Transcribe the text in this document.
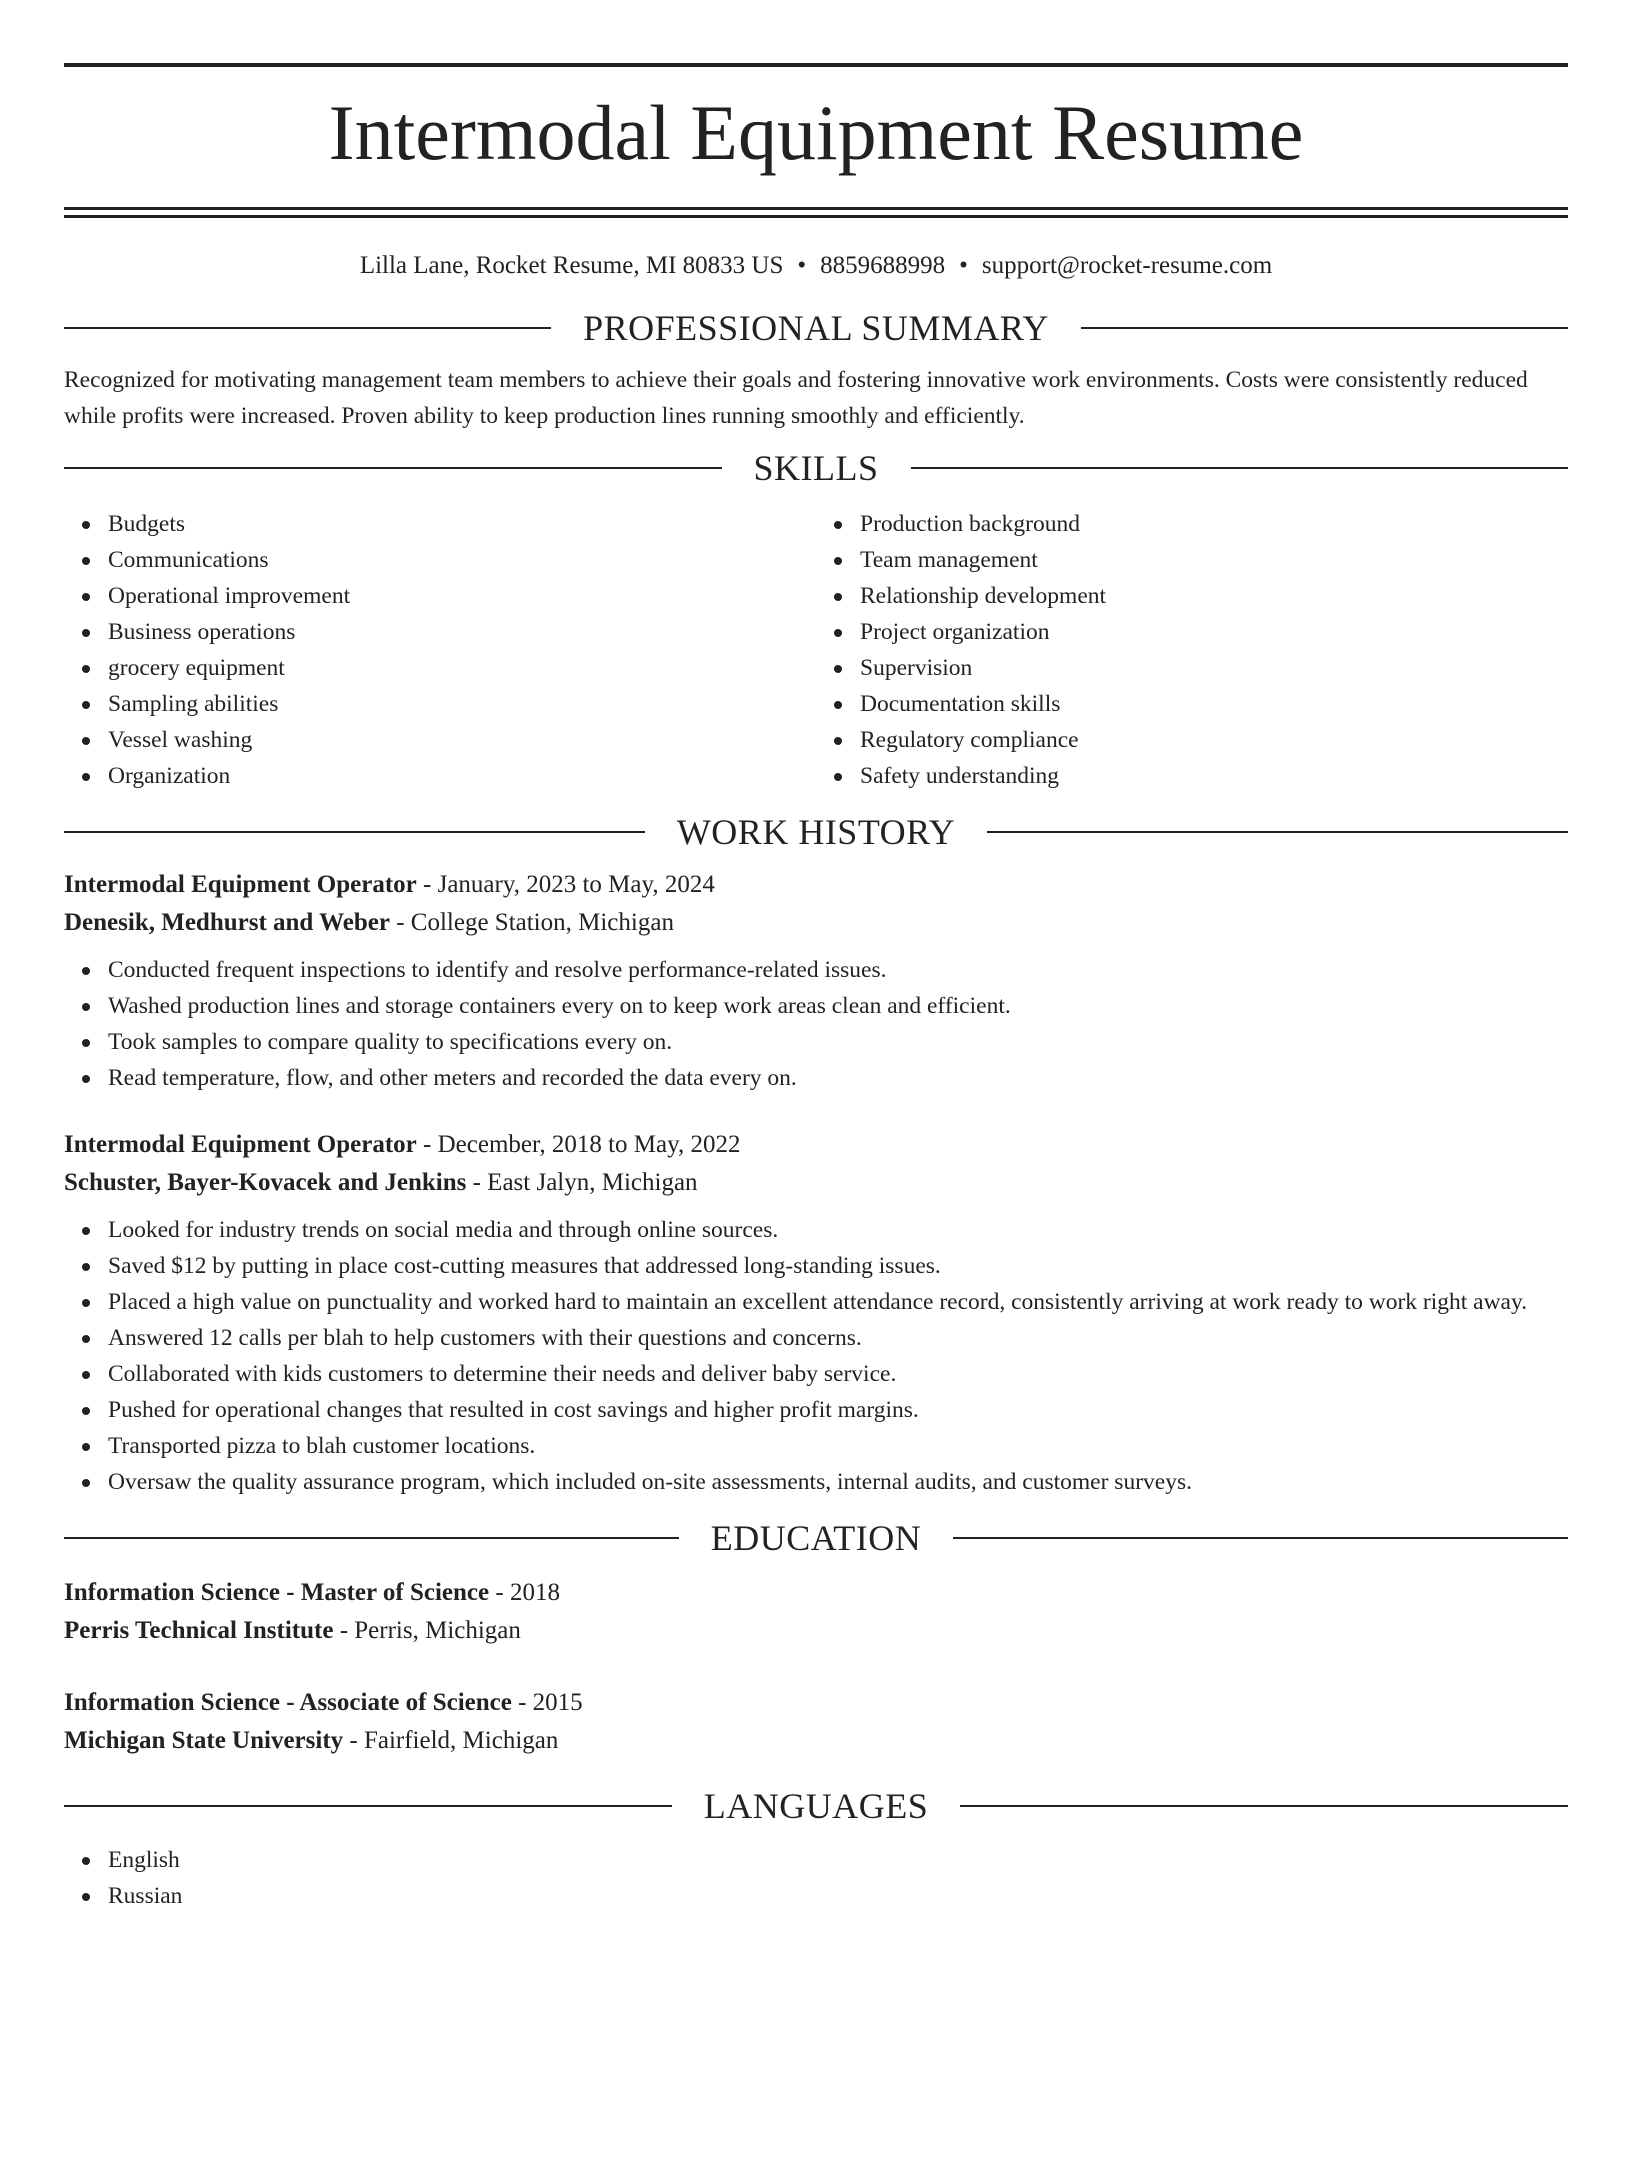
Intermodal Equipment Resume
Lilla Lane, Rocket Resume, MI 80833 US • 8859688998 • support@rocket-resume.com
PROFESSIONAL SUMMARY
Recognized for motivating management team members to achieve their goals and fostering innovative work environments. Costs were consistently reduced while profits were increased. Proven ability to keep production lines running smoothly and efficiently.
SKILLS
Budgets
Communications
Operational improvement
Business operations
grocery equipment
Sampling abilities
Vessel washing
Organization
Production background
Team management
Relationship development
Project organization
Supervision
Documentation skills
Regulatory compliance
Safety understanding
WORK HISTORY
Intermodal Equipment Operator - January, 2023 to May, 2024
Denesik, Medhurst and Weber - College Station, Michigan
Conducted frequent inspections to identify and resolve performance-related issues.
Washed production lines and storage containers every on to keep work areas clean and efficient.
Took samples to compare quality to specifications every on.
Read temperature, flow, and other meters and recorded the data every on.
Intermodal Equipment Operator - December, 2018 to May, 2022
Schuster, Bayer-Kovacek and Jenkins - East Jalyn, Michigan
Looked for industry trends on social media and through online sources.
Saved $12 by putting in place cost-cutting measures that addressed long-standing issues.
Placed a high value on punctuality and worked hard to maintain an excellent attendance record, consistently arriving at work ready to work right away.
Answered 12 calls per blah to help customers with their questions and concerns.
Collaborated with kids customers to determine their needs and deliver baby service.
Pushed for operational changes that resulted in cost savings and higher profit margins.
Transported pizza to blah customer locations.
Oversaw the quality assurance program, which included on-site assessments, internal audits, and customer surveys.
EDUCATION
Information Science - Master of Science - 2018
Perris Technical Institute - Perris, Michigan
Information Science - Associate of Science - 2015
Michigan State University - Fairfield, Michigan
LANGUAGES
English
Russian
